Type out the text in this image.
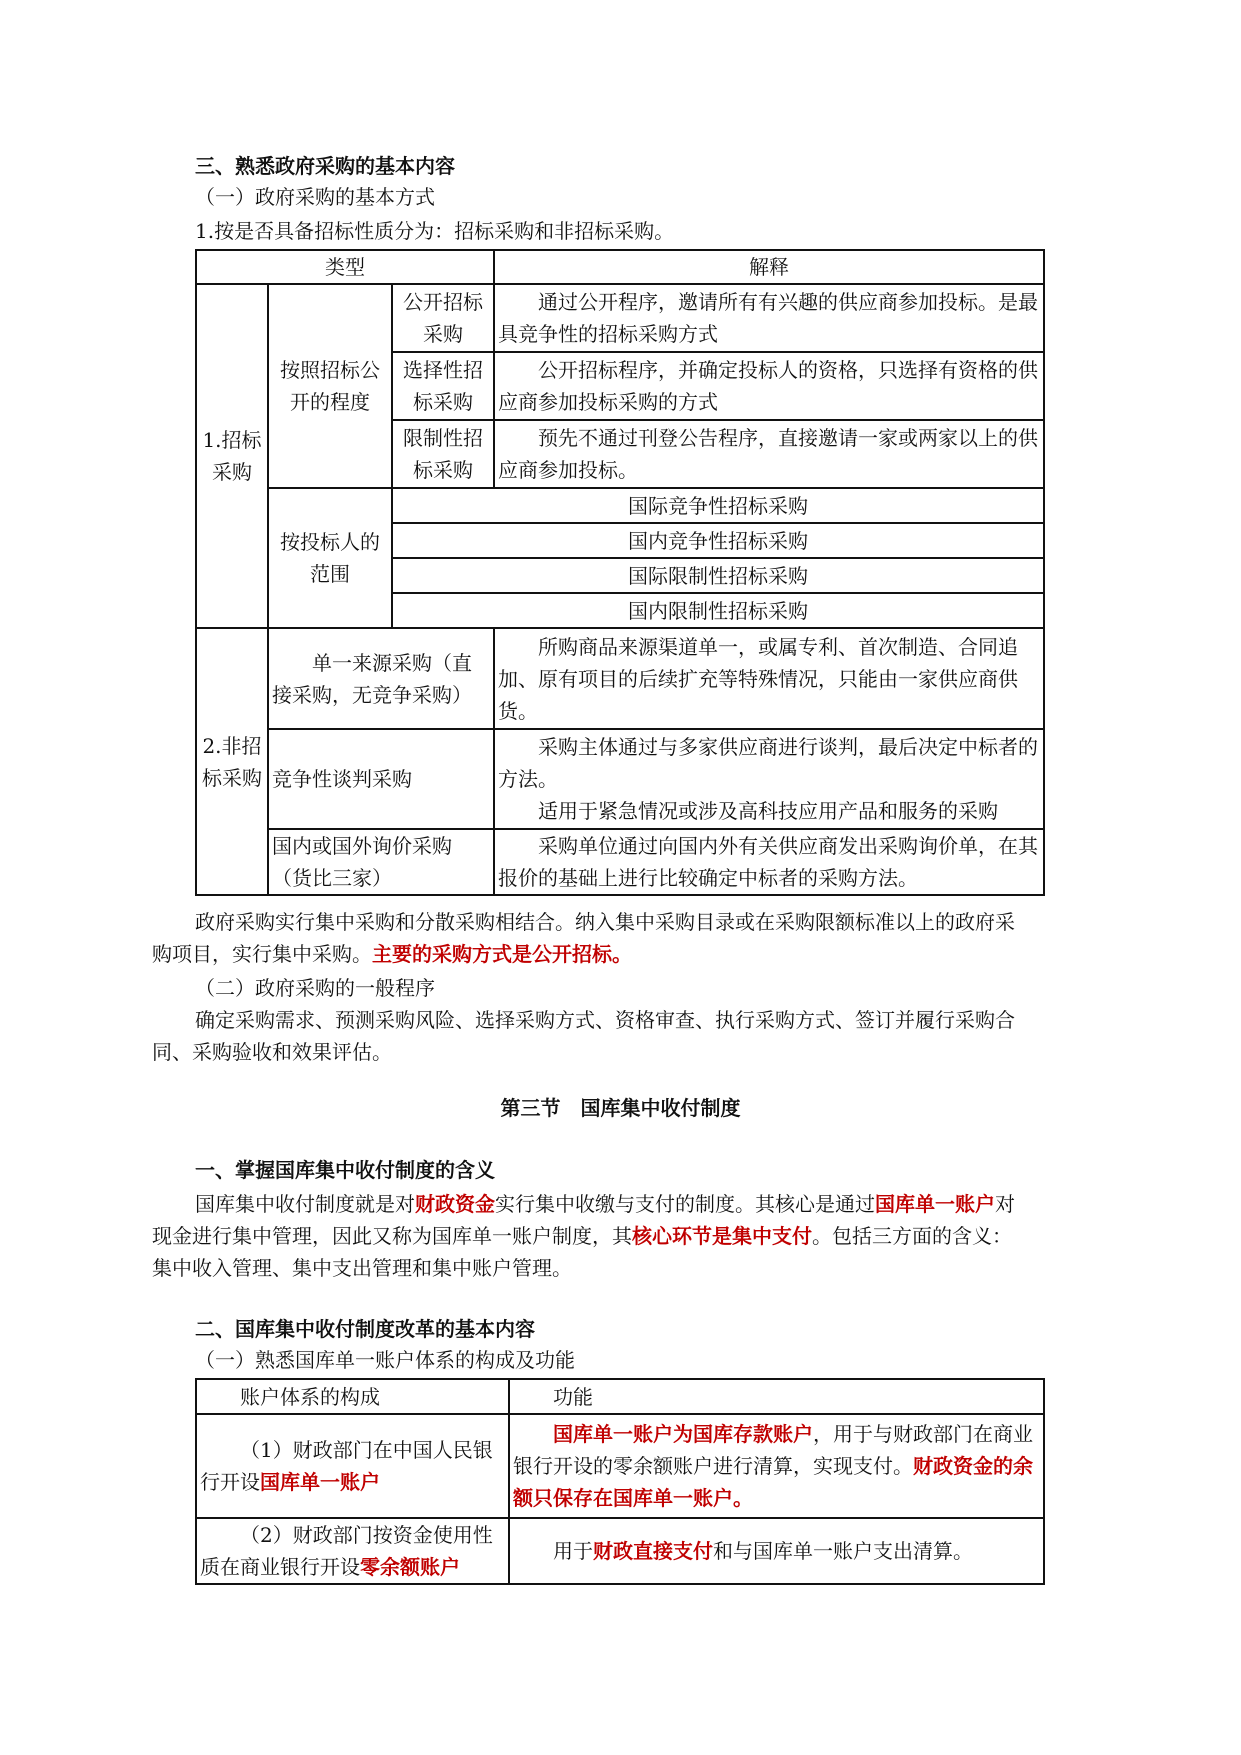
三、熟悉政府采购的基本内容
（一）政府采购的基本方式
1.按是否具备招标性质分为：招标采购和非招标采购。
类型			解释
1.招标采购	按照招标公开的程度	公开招标采购	通过公开程序，邀请所有有兴趣的供应商参加投标。是最具竞争性的招标采购方式
		选择性招标采购	公开招标程序，并确定投标人的资格，只选择有资格的供应商参加投标采购的方式
		限制性招标采购	预先不通过刊登公告程序，直接邀请一家或两家以上的供应商参加投标。
	按投标人的范围	国际竞争性招标采购	
		国内竞争性招标采购	
		国际限制性招标采购	
		国内限制性招标采购	
2.非招标采购	单一来源采购（直接采购，无竞争采购）		所购商品来源渠道单一，或属专利、首次制造、合同追加、原有项目的后续扩充等特殊情况，只能由一家供应商供货。
	竞争性谈判采购		采购主体通过与多家供应商进行谈判，最后决定中标者的方法。
适用于紧急情况或涉及高科技应用产品和服务的采购

	国内或国外询价采购（货比三家）		采购单位通过向国内外有关供应商发出采购询价单，在其报价的基础上进行比较确定中标者的采购方法。
政府采购实行集中采购和分散采购相结合。纳入集中采购目录或在采购限额标准以上的政府采
购项目，实行集中采购。主要的采购方式是公开招标。
（二）政府采购的一般程序
确定采购需求、预测采购风险、选择采购方式、资格审查、执行采购方式、签订并履行采购合
同、采购验收和效果评估。
第三节　国库集中收付制度
一、掌握国库集中收付制度的含义
国库集中收付制度就是对财政资金实行集中收缴与支付的制度。其核心是通过国库单一账户对
现金进行集中管理，因此又称为国库单一账户制度，其核心环节是集中支付。包括三方面的含义：
集中收入管理、集中支出管理和集中账户管理。
二、国库集中收付制度改革的基本内容
（一）熟悉国库单一账户体系的构成及功能
账户体系的构成	功能
（1）财政部门在中国人民银行开设国库单一账户	国库单一账户为国库存款账户，用于与财政部门在商业银行开设的零余额账户进行清算，实现支付。财政资金的余额只保存在国库单一账户。
（2）财政部门按资金使用性质在商业银行开设零余额账户	用于财政直接支付和与国库单一账户支出清算。
